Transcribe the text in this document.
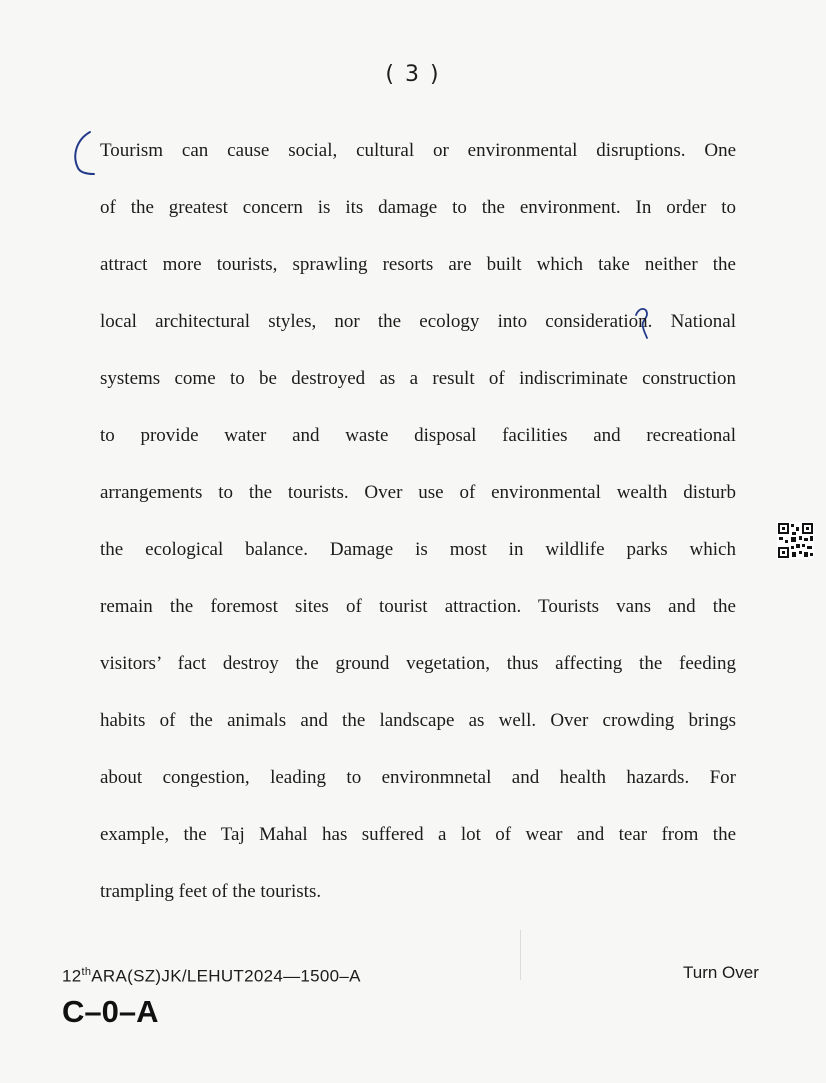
( 3 )
Tourism can cause social, cultural or environmental disruptions. One
of the greatest concern is its damage to the environment. In order to
attract more tourists, sprawling resorts are built which take neither the
local architectural styles, nor the ecology into consideration. National
systems come to be destroyed as a result of indiscriminate construction
to provide water and waste disposal facilities and recreational
arrangements to the tourists. Over use of environmental wealth disturb
the ecological balance. Damage is most in wildlife parks which
remain the foremost sites of tourist attraction. Tourists vans and the
visitors’ fact destroy the ground vegetation, thus affecting the feeding
habits of the animals and the landscape as well. Over crowding brings
about congestion, leading to environmnetal and health hazards. For
example, the Taj Mahal has suffered a lot of wear and tear from the
trampling feet of the tourists.
12thARA(SZ)JK/LEHUT2024—1500–A	Turn Over
C–0–A
